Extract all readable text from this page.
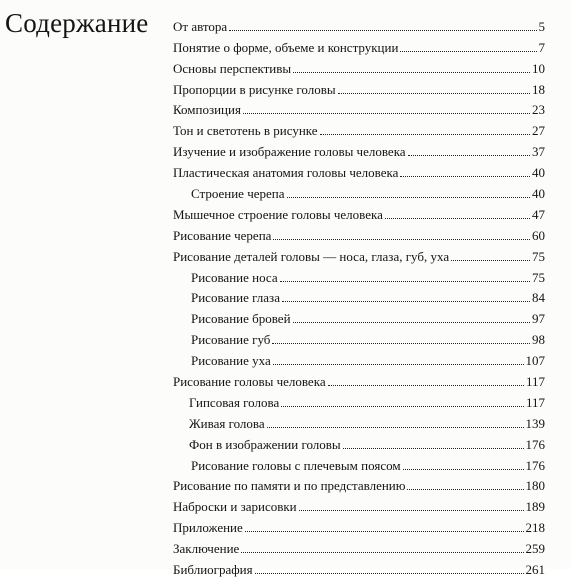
Содержание От автора	5
Понятие о форме, объеме и конструкции	7
Основы перспективы	10
Пропорции в рисунке головы	18
Композиция	23
Тон и светотень в рисунке	27
Изучение и изображение головы человека	37
Пластическая анатомия головы человека	40
Строение черепа	40
Мышечное строение головы человека	47
Рисование черепа	60
Рисование деталей головы — носа, глаза, губ, уха	75
Рисование носа	75
Рисование глаза	84
Рисование бровей	97
Рисование губ	98
Рисование уха	107
Рисование головы человека	117
Гипсовая голова	117
Живая голова	139
Фон в изображении головы	176
Рисование головы с плечевым поясом	176
Рисование по памяти и по представлению	180
Наброски и зарисовки	189
Приложение	218
Заключение	259
Библиография	261
